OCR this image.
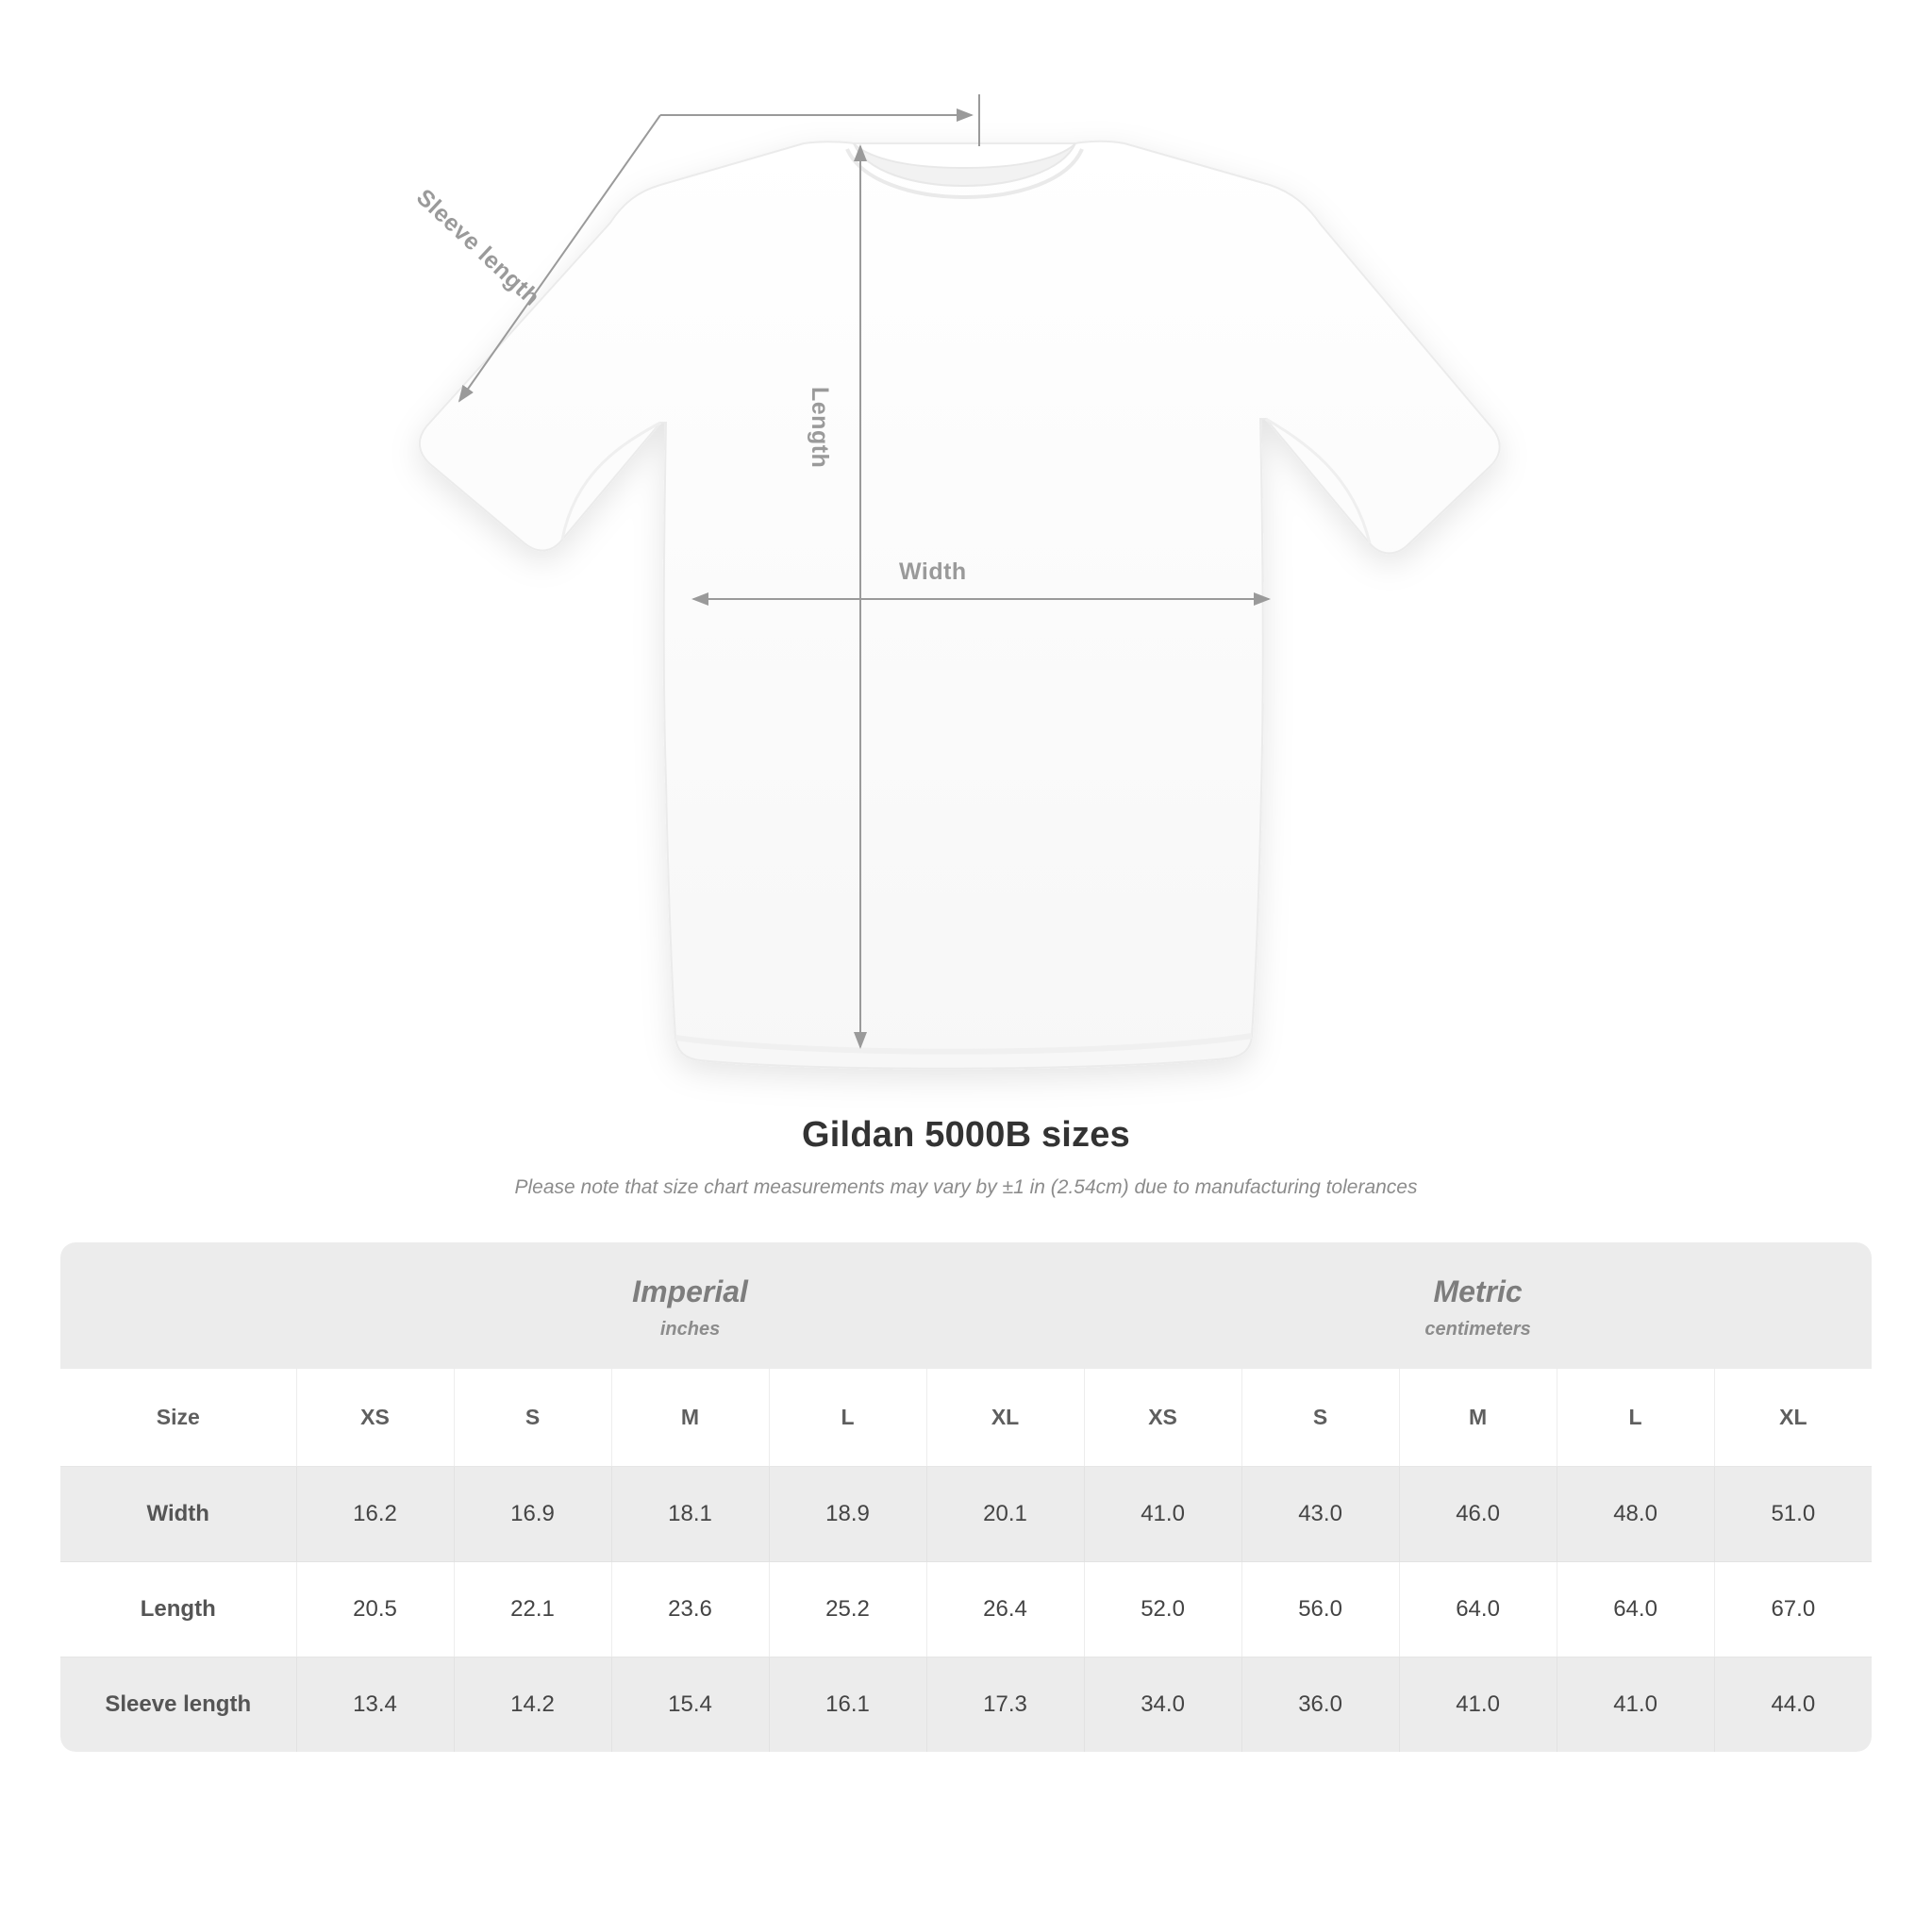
Width
Length
Sleeve length
Gildan 5000B sizes
Please note that size chart measurements may vary by ±1 in (2.54cm) due to manufacturing tolerances

	Imperial
inches					Metric
centimeters				

Size	XS	S	M	L	XL	XS	S	M	L	XL
Width	16.2	16.9	18.1	18.9	20.1	41.0	43.0	46.0	48.0	51.0
Length	20.5	22.1	23.6	25.2	26.4	52.0	56.0	64.0	64.0	67.0
Sleeve length	13.4	14.2	15.4	16.1	17.3	34.0	36.0	41.0	41.0	44.0
